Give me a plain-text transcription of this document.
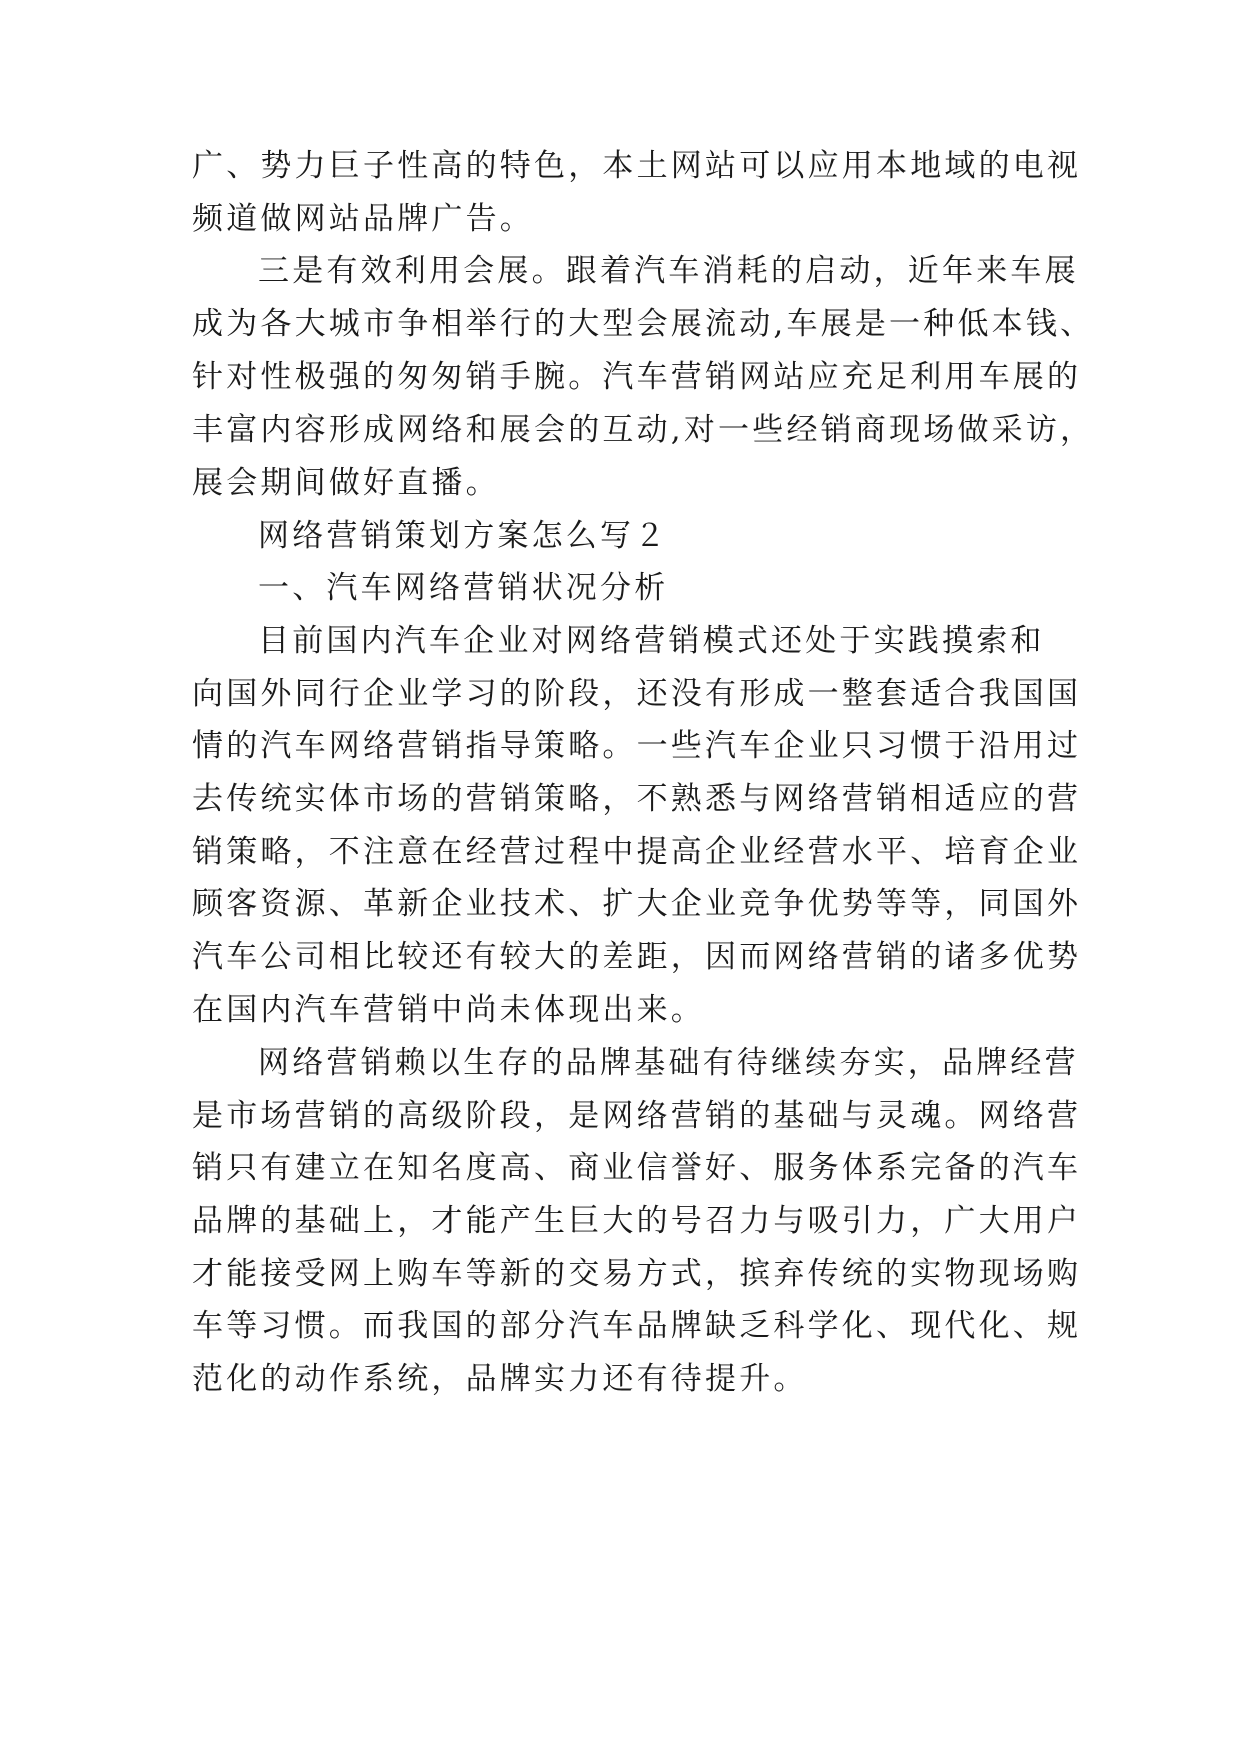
广、势力巨子性高的特色，本土网站可以应用本地域的电视
频道做网站品牌广告。
三是有效利用会展。跟着汽车消耗的启动，近年来车展
成为各大城市争相举行的大型会展流动,车展是一种低本钱、
针对性极强的匆匆销手腕。汽车营销网站应充足利用车展的
丰富内容形成网络和展会的互动,对一些经销商现场做采访，
展会期间做好直播。
网络营销策划方案怎么写２
一、汽车网络营销状况分析
目前国内汽车企业对网络营销模式还处于实践摸索和
向国外同行企业学习的阶段，还没有形成一整套适合我国国
情的汽车网络营销指导策略。一些汽车企业只习惯于沿用过
去传统实体市场的营销策略，不熟悉与网络营销相适应的营
销策略，不注意在经营过程中提高企业经营水平、培育企业
顾客资源、革新企业技术、扩大企业竞争优势等等，同国外
汽车公司相比较还有较大的差距，因而网络营销的诸多优势
在国内汽车营销中尚未体现出来。
网络营销赖以生存的品牌基础有待继续夯实，品牌经营
是市场营销的高级阶段，是网络营销的基础与灵魂。网络营
销只有建立在知名度高、商业信誉好、服务体系完备的汽车
品牌的基础上，才能产生巨大的号召力与吸引力，广大用户
才能接受网上购车等新的交易方式，摈弃传统的实物现场购
车等习惯。而我国的部分汽车品牌缺乏科学化、现代化、规
范化的动作系统，品牌实力还有待提升。
